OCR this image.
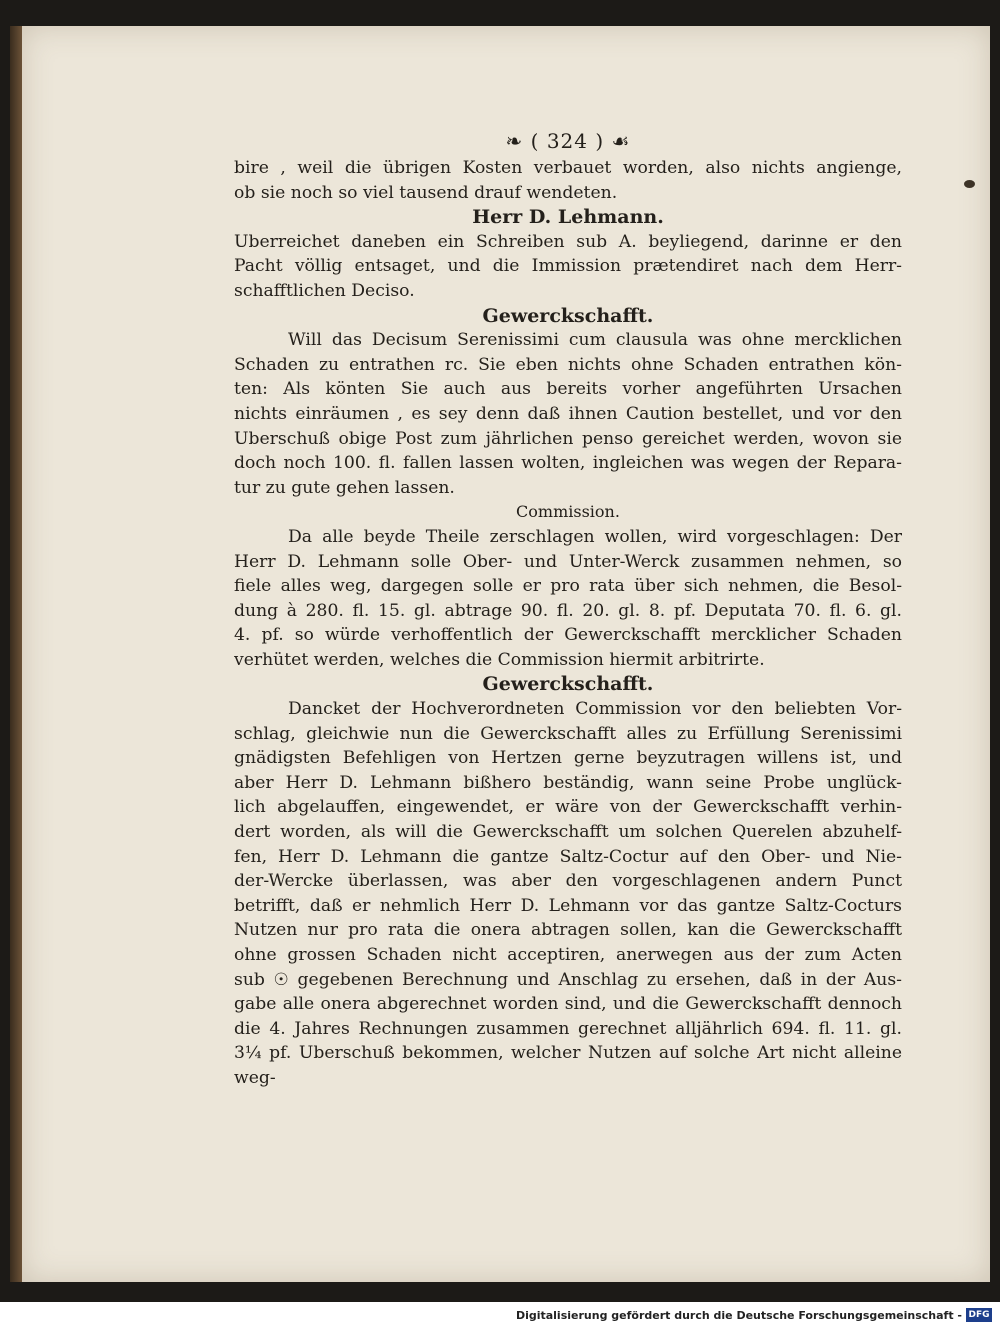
❧ ( 324 ) ☙
bire , weil die übrigen Kosten verbauet worden, also nichts angienge,
ob sie noch so viel tausend drauf wendeten.
Herr D. Lehmann.
Uberreichet daneben ein Schreiben sub A. beyliegend, darinne er den
Pacht völlig entsaget, und die Immission prætendiret nach dem Herr-
schafftlichen Deciso.
Gewerckschafft.
Will das Decisum Serenissimi cum clausula was ohne mercklichen
Schaden zu entrathen rc. Sie eben nichts ohne Schaden entrathen kön-
ten: Als könten Sie auch aus bereits vorher angeführten Ursachen
nichts einräumen , es sey denn daß ihnen Caution bestellet, und vor den
Uberschuß obige Post zum jährlichen penso gereichet werden, wovon sie
doch noch 100. fl. fallen lassen wolten, ingleichen was wegen der Repara-
tur zu gute gehen lassen.
Commission.
Da alle beyde Theile zerschlagen wollen, wird vorgeschlagen: Der
Herr D. Lehmann solle Ober- und Unter-Werck zusammen nehmen, so
fiele alles weg, dargegen solle er pro rata über sich nehmen, die Besol-
dung à 280. fl. 15. gl. abtrage 90. fl. 20. gl. 8. pf. Deputata 70. fl. 6. gl.
4. pf. so würde verhoffentlich der Gewerckschafft mercklicher Schaden
verhütet werden, welches die Commission hiermit arbitrirte.
Gewerckschafft.
Dancket der Hochverordneten Commission vor den beliebten Vor-
schlag, gleichwie nun die Gewerckschafft alles zu Erfüllung Serenissimi
gnädigsten Befehligen von Hertzen gerne beyzutragen willens ist, und
aber Herr D. Lehmann bißhero beständig, wann seine Probe unglück-
lich abgelauffen, eingewendet, er wäre von der Gewerckschafft verhin-
dert worden, als will die Gewerckschafft um solchen Querelen abzuhelf-
fen, Herr D. Lehmann die gantze Saltz-Coctur auf den Ober- und Nie-
der-Wercke überlassen, was aber den vorgeschlagenen andern Punct
betrifft, daß er nehmlich Herr D. Lehmann vor das gantze Saltz-Cocturs
Nutzen nur pro rata die onera abtragen sollen, kan die Gewerckschafft
ohne grossen Schaden nicht acceptiren, anerwegen aus der zum Acten
sub ☉ gegebenen Berechnung und Anschlag zu ersehen, daß in der Aus-
gabe alle onera abgerechnet worden sind, und die Gewerckschafft dennoch
die 4. Jahres Rechnungen zusammen gerechnet alljährlich 694. fl. 11. gl.
3¼ pf. Uberschuß bekommen, welcher Nutzen auf solche Art nicht alleine
weg-
Digitalisierung gefördert durch die Deutsche Forschungsgemeinschaft - DFG
